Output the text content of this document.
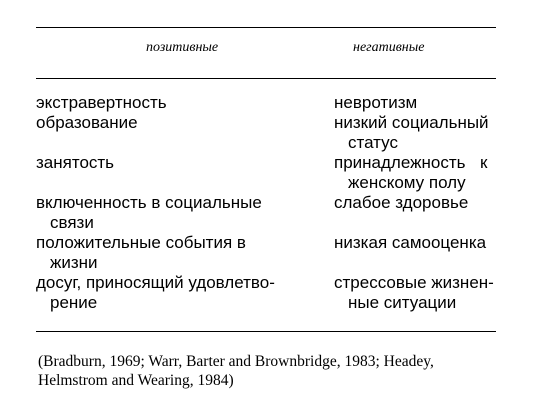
позитивные	негативные
экстравертность
образование
занятость
включенность в социальные
связи
положительные события в
жизни
досуг, приносящий удовлетво-
рение
невротизм
низкий социальный
статус
принадлежность к
женскому полу
слабое здоровье
низкая самооценка
стрессовые жизнен-
ные ситуации
(Bradburn, 1969; Warr, Barter and Brownbridge, 1983; Headey,
Helmstrom and Wearing, 1984)
